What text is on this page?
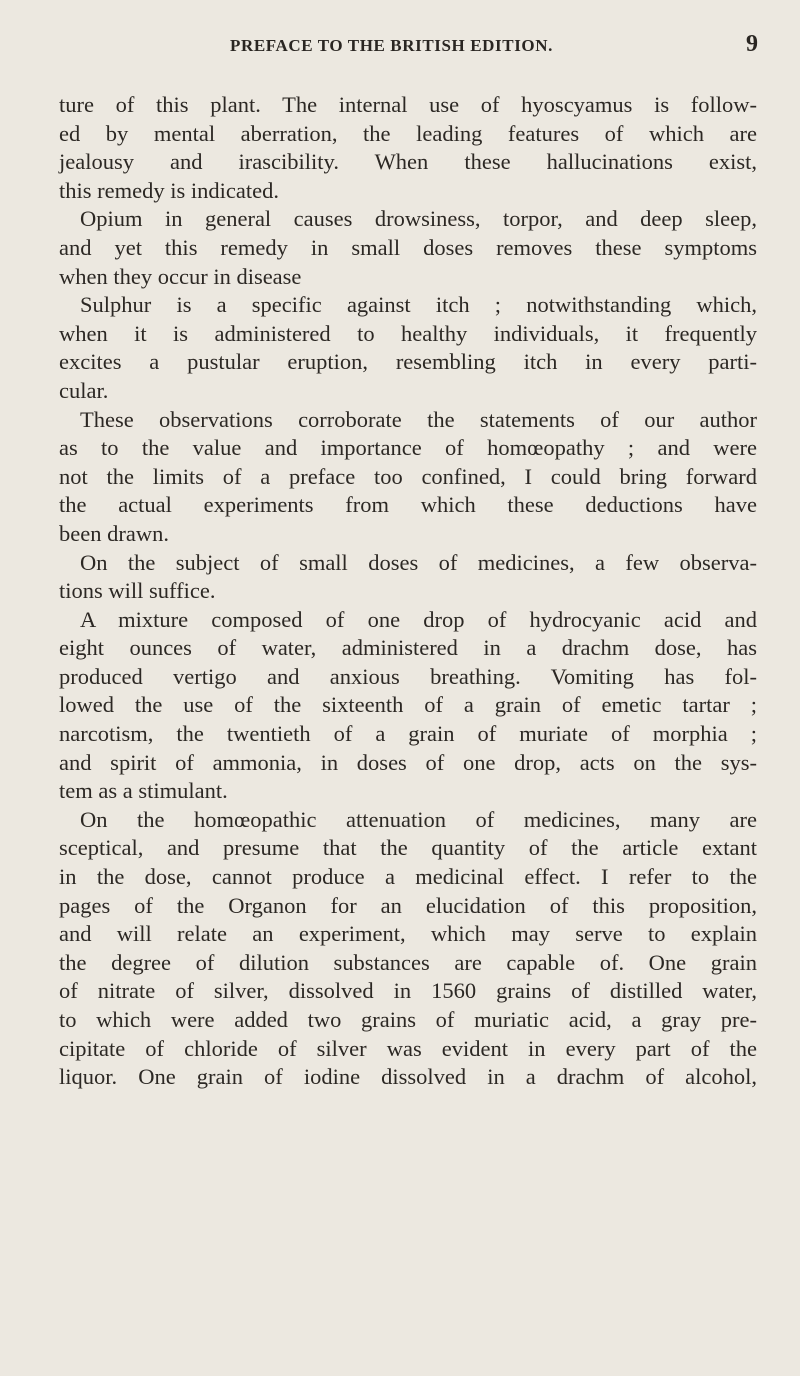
PREFACE TO THE BRITISH EDITION.	9
ture of this plant. The internal use of hyoscyamus is follow-
ed by mental aberration, the leading features of which are
jealousy and irascibility. When these hallucinations exist,
this remedy is indicated.
Opium in general causes drowsiness, torpor, and deep sleep,
and yet this remedy in small doses removes these symptoms
when they occur in disease
Sulphur is a specific against itch ; notwithstanding which,
when it is administered to healthy individuals, it frequently
excites a pustular eruption, resembling itch in every parti-
cular.
These observations corroborate the statements of our author
as to the value and importance of homœopathy ; and were
not the limits of a preface too confined, I could bring forward
the actual experiments from which these deductions have
been drawn.
On the subject of small doses of medicines, a few observa-
tions will suffice.
A mixture composed of one drop of hydrocyanic acid and
eight ounces of water, administered in a drachm dose, has
produced vertigo and anxious breathing. Vomiting has fol-
lowed the use of the sixteenth of a grain of emetic tartar ;
narcotism, the twentieth of a grain of muriate of morphia ;
and spirit of ammonia, in doses of one drop, acts on the sys-
tem as a stimulant.
On the homœopathic attenuation of medicines, many are
sceptical, and presume that the quantity of the article extant
in the dose, cannot produce a medicinal effect. I refer to the
pages of the Organon for an elucidation of this proposition,
and will relate an experiment, which may serve to explain
the degree of dilution substances are capable of. One grain
of nitrate of silver, dissolved in 1560 grains of distilled water,
to which were added two grains of muriatic acid, a gray pre-
cipitate of chloride of silver was evident in every part of the
liquor. One grain of iodine dissolved in a drachm of alcohol,
